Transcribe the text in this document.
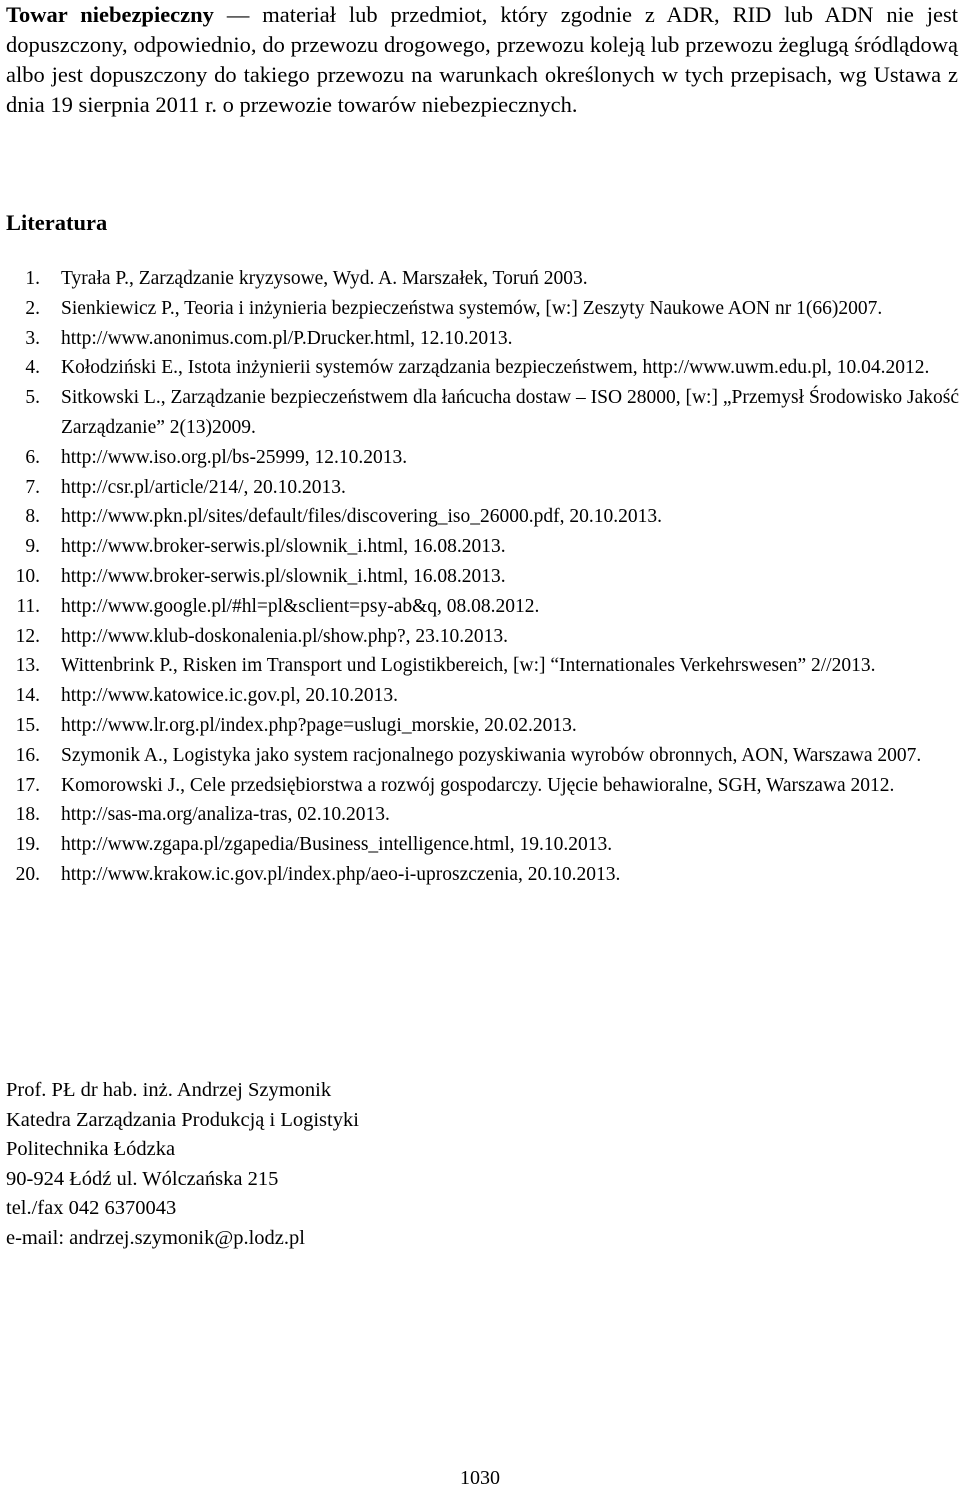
Towar niebezpieczny — materiał lub przedmiot, który zgodnie z ADR, RID lub ADN nie jest dopuszczony, odpowiednio, do przewozu drogowego, przewozu koleją lub przewozu żeglugą śródlądową albo jest dopuszczony do takiego przewozu na warunkach określonych w tych przepisach, wg Ustawa z dnia 19 sierpnia 2011 r. o przewozie towarów niebezpiecznych.

Literatura
1.	Tyrała P., Zarządzanie kryzysowe, Wyd. A. Marszałek, Toruń 2003.
2.	Sienkiewicz P., Teoria i inżynieria bezpieczeństwa systemów, [w:] Zeszyty Naukowe AON nr 1(66)2007.
3.	http://www.anonimus.com.pl/P.Drucker.html, 12.10.2013.
4.	Kołodziński E., Istota inżynierii systemów zarządzania bezpieczeństwem, http://www.uwm.edu.pl, 10.04.2012.
5.	Sitkowski L., Zarządzanie bezpieczeństwem dla łańcucha dostaw – ISO 28000, [w:] „Przemysł Środowisko Jakość Zarządzanie” 2(13)2009.
6.	http://www.iso.org.pl/bs-25999, 12.10.2013.
7.	http://csr.pl/article/214/, 20.10.2013.
8.	http://www.pkn.pl/sites/default/files/discovering_iso_26000.pdf, 20.10.2013.
9.	http://www.broker-serwis.pl/slownik_i.html, 16.08.2013.
10.	http://www.broker-serwis.pl/slownik_i.html, 16.08.2013.
11.	http://www.google.pl/#hl=pl&sclient=psy-ab&q, 08.08.2012.
12.	http://www.klub-doskonalenia.pl/show.php?, 23.10.2013.
13.	Wittenbrink P., Risken im Transport und Logistikbereich, [w:] “Internationales Verkehrswesen” 2//2013.
14.	http://www.katowice.ic.gov.pl, 20.10.2013.
15.	http://www.lr.org.pl/index.php?page=uslugi_morskie, 20.02.2013.
16.	Szymonik A., Logistyka jako system racjonalnego pozyskiwania wyrobów obronnych, AON, Warszawa 2007.
17.	Komorowski J., Cele przedsiębiorstwa a rozwój gospodarczy. Ujęcie behawioralne, SGH, Warszawa 2012.
18.	http://sas-ma.org/analiza-tras, 02.10.2013.
19.	http://www.zgapa.pl/zgapedia/Business_intelligence.html, 19.10.2013.
20.	http://www.krakow.ic.gov.pl/index.php/aeo-i-uproszczenia, 20.10.2013.
Prof. PŁ dr hab. inż. Andrzej Szymonik
Katedra Zarządzania Produkcją i Logistyki
Politechnika Łódzka
90-924 Łódź ul. Wólczańska 215
tel./fax 042 6370043
e-mail: andrzej.szymonik@p.lodz.pl
1030
